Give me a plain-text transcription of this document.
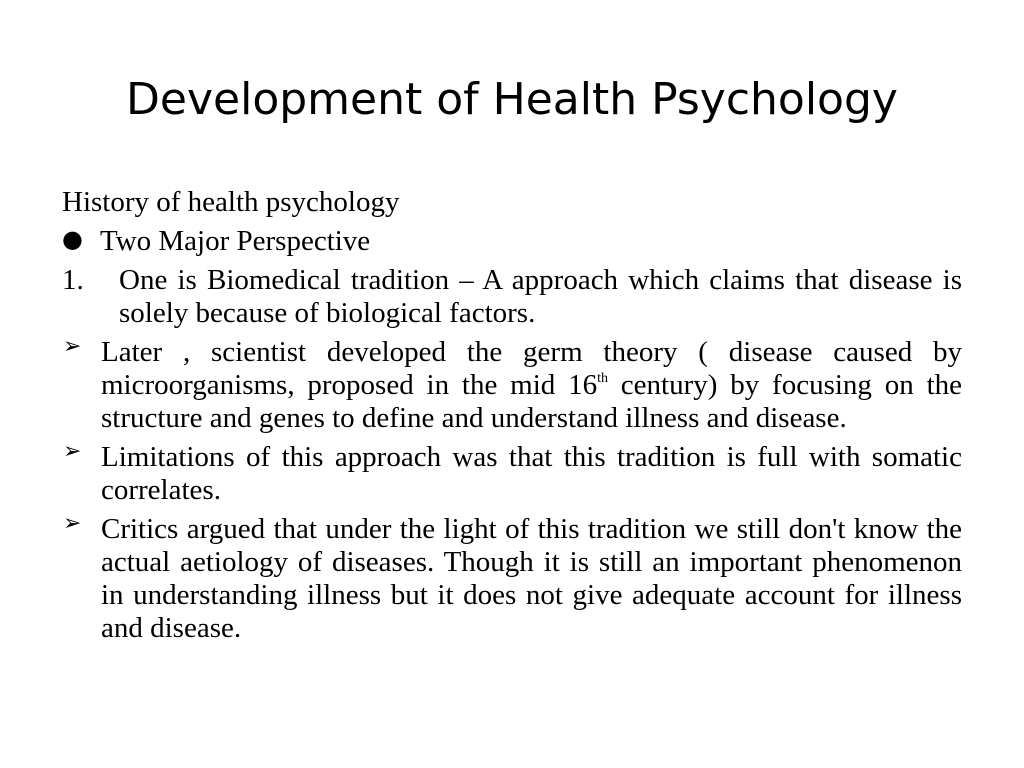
Development of Health Psychology

History of health psychology

● Two Major Perspective
1. One is Biomedical tradition – A approach which claims that disease is solely because of biological factors.
➢ Later , scientist developed the germ theory ( disease caused by microorganisms, proposed in the mid 16th century) by focusing on the structure and genes to define and understand illness and disease.
➢ Limitations of this approach was that this tradition is full with somatic correlates.
➢ Critics argued that under the light of this tradition we still don't know the actual aetiology of diseases. Though it is still an important phenomenon in understanding illness but it does not give adequate account for illness and disease.
